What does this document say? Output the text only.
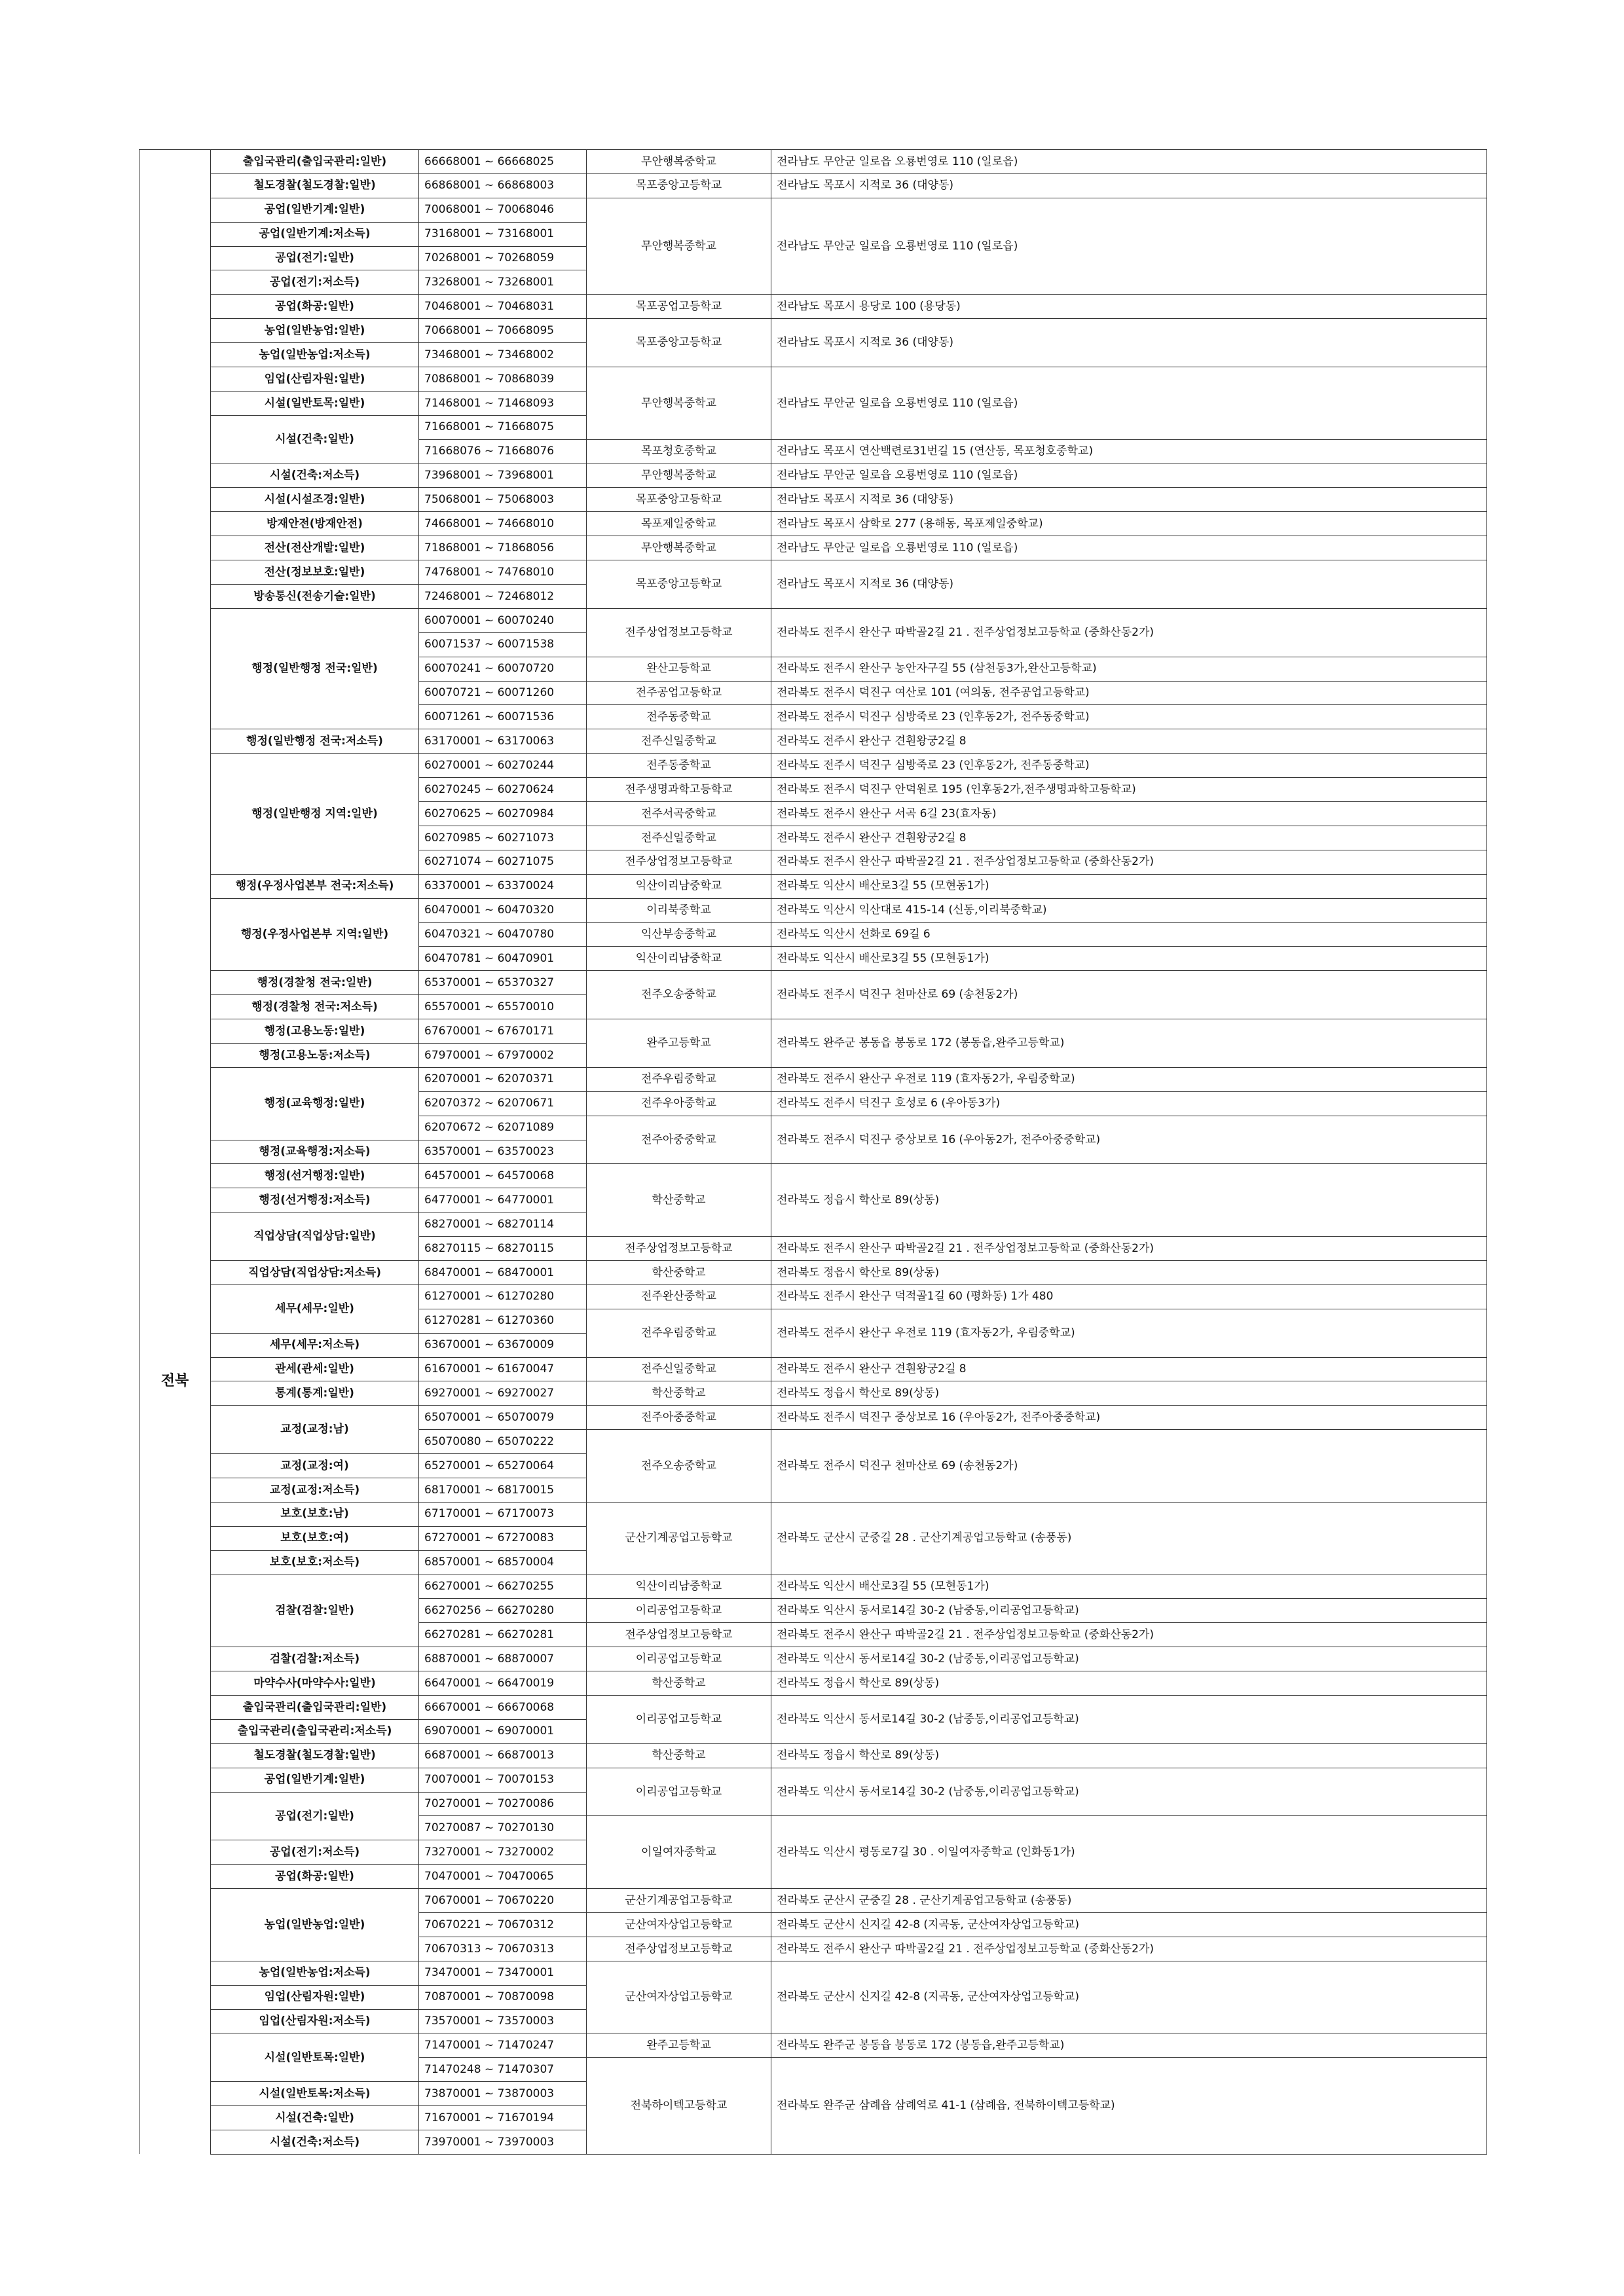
	출입국관리(출입국관리:일반)	66668001 ~ 66668025	무안행복중학교	전라남도 무안군 일로읍 오룡번영로 110 (일로읍)
	철도경찰(철도경찰:일반)	66868001 ~ 66868003	목포중앙고등학교	전라남도 목포시 지적로 36 (대양동)
	공업(일반기계:일반)	70068001 ~ 70068046	무안행복중학교	전라남도 무안군 일로읍 오룡번영로 110 (일로읍)
	공업(일반기계:저소득)	73168001 ~ 73168001		
	공업(전기:일반)	70268001 ~ 70268059		
	공업(전기:저소득)	73268001 ~ 73268001		
	공업(화공:일반)	70468001 ~ 70468031	목포공업고등학교	전라남도 목포시 용당로 100 (용당동)
	농업(일반농업:일반)	70668001 ~ 70668095	목포중앙고등학교	전라남도 목포시 지적로 36 (대양동)
	농업(일반농업:저소득)	73468001 ~ 73468002		
	임업(산림자원:일반)	70868001 ~ 70868039	무안행복중학교	전라남도 무안군 일로읍 오룡번영로 110 (일로읍)
	시설(일반토목:일반)	71468001 ~ 71468093		
	시설(건축:일반)	71668001 ~ 71668075		
		71668076 ~ 71668076	목포청호중학교	전라남도 목포시 연산백련로31번길 15 (연산동, 목포청호중학교)
	시설(건축:저소득)	73968001 ~ 73968001	무안행복중학교	전라남도 무안군 일로읍 오룡번영로 110 (일로읍)
	시설(시설조경:일반)	75068001 ~ 75068003	목포중앙고등학교	전라남도 목포시 지적로 36 (대양동)
	방재안전(방재안전)	74668001 ~ 74668010	목포제일중학교	전라남도 목포시 삼학로 277 (용해동, 목포제일중학교)
	전산(전산개발:일반)	71868001 ~ 71868056	무안행복중학교	전라남도 무안군 일로읍 오룡번영로 110 (일로읍)
	전산(정보보호:일반)	74768001 ~ 74768010	목포중앙고등학교	전라남도 목포시 지적로 36 (대양동)
	방송통신(전송기술:일반)	72468001 ~ 72468012		
전북	행정(일반행정 전국:일반)	60070001 ~ 60070240	전주상업정보고등학교	전라북도 전주시 완산구 따박골2길 21 . 전주상업정보고등학교 (중화산동2가)
		60071537 ~ 60071538		
		60070241 ~ 60070720	완산고등학교	전라북도 전주시 완산구 농안자구길 55 (삼천동3가,완산고등학교)
		60070721 ~ 60071260	전주공업고등학교	전라북도 전주시 덕진구 여산로 101 (여의동, 전주공업고등학교)
		60071261 ~ 60071536	전주동중학교	전라북도 전주시 덕진구 심방죽로 23 (인후동2가, 전주동중학교)
	행정(일반행정 전국:저소득)	63170001 ~ 63170063	전주신일중학교	전라북도 전주시 완산구 견훤왕궁2길 8
	행정(일반행정 지역:일반)	60270001 ~ 60270244	전주동중학교	전라북도 전주시 덕진구 심방죽로 23 (인후동2가, 전주동중학교)
		60270245 ~ 60270624	전주생명과학고등학교	전라북도 전주시 덕진구 안덕원로 195 (인후동2가,전주생명과학고등학교)
		60270625 ~ 60270984	전주서곡중학교	전라북도 전주시 완산구 서곡 6길 23(효자동)
		60270985 ~ 60271073	전주신일중학교	전라북도 전주시 완산구 견훤왕궁2길 8
		60271074 ~ 60271075	전주상업정보고등학교	전라북도 전주시 완산구 따박골2길 21 . 전주상업정보고등학교 (중화산동2가)
	행정(우정사업본부 전국:저소득)	63370001 ~ 63370024	익산이리남중학교	전라북도 익산시 배산로3길 55 (모현동1가)
	행정(우정사업본부 지역:일반)	60470001 ~ 60470320	이리북중학교	전라북도 익산시 익산대로 415-14 (신동,이리북중학교)
		60470321 ~ 60470780	익산부송중학교	전라북도 익산시 선화로 69길 6
		60470781 ~ 60470901	익산이리남중학교	전라북도 익산시 배산로3길 55 (모현동1가)
	행정(경찰청 전국:일반)	65370001 ~ 65370327	전주오송중학교	전라북도 전주시 덕진구 천마산로 69 (송천동2가)
	행정(경찰청 전국:저소득)	65570001 ~ 65570010		
	행정(고용노동:일반)	67670001 ~ 67670171	완주고등학교	전라북도 완주군 봉동읍 봉동로 172 (봉동읍,완주고등학교)
	행정(고용노동:저소득)	67970001 ~ 67970002		
	행정(교육행정:일반)	62070001 ~ 62070371	전주우림중학교	전라북도 전주시 완산구 우전로 119 (효자동2가, 우림중학교)
		62070372 ~ 62070671	전주우아중학교	전라북도 전주시 덕진구 호성로 6 (우아동3가)
		62070672 ~ 62071089	전주아중중학교	전라북도 전주시 덕진구 중상보로 16 (우아동2가, 전주아중중학교)
	행정(교육행정:저소득)	63570001 ~ 63570023		
	행정(선거행정:일반)	64570001 ~ 64570068	학산중학교	전라북도 정읍시 학산로 89(상동)
	행정(선거행정:저소득)	64770001 ~ 64770001		
	직업상담(직업상담:일반)	68270001 ~ 68270114		
		68270115 ~ 68270115	전주상업정보고등학교	전라북도 전주시 완산구 따박골2길 21 . 전주상업정보고등학교 (중화산동2가)
	직업상담(직업상담:저소득)	68470001 ~ 68470001	학산중학교	전라북도 정읍시 학산로 89(상동)
	세무(세무:일반)	61270001 ~ 61270280	전주완산중학교	전라북도 전주시 완산구 덕적골1길 60 (평화동) 1가 480
		61270281 ~ 61270360	전주우림중학교	전라북도 전주시 완산구 우전로 119 (효자동2가, 우림중학교)
	세무(세무:저소득)	63670001 ~ 63670009		
	관세(관세:일반)	61670001 ~ 61670047	전주신일중학교	전라북도 전주시 완산구 견훤왕궁2길 8
	통계(통계:일반)	69270001 ~ 69270027	학산중학교	전라북도 정읍시 학산로 89(상동)
	교정(교정:남)	65070001 ~ 65070079	전주아중중학교	전라북도 전주시 덕진구 중상보로 16 (우아동2가, 전주아중중학교)
		65070080 ~ 65070222	전주오송중학교	전라북도 전주시 덕진구 천마산로 69 (송천동2가)
	교정(교정:여)	65270001 ~ 65270064		
	교정(교정:저소득)	68170001 ~ 68170015		
	보호(보호:남)	67170001 ~ 67170073	군산기계공업고등학교	전라북도 군산시 군중길 28 . 군산기계공업고등학교 (송풍동)
	보호(보호:여)	67270001 ~ 67270083		
	보호(보호:저소득)	68570001 ~ 68570004		
	검찰(검찰:일반)	66270001 ~ 66270255	익산이리남중학교	전라북도 익산시 배산로3길 55 (모현동1가)
		66270256 ~ 66270280	이리공업고등학교	전라북도 익산시 동서로14길 30-2 (남중동,이리공업고등학교)
		66270281 ~ 66270281	전주상업정보고등학교	전라북도 전주시 완산구 따박골2길 21 . 전주상업정보고등학교 (중화산동2가)
	검찰(검찰:저소득)	68870001 ~ 68870007	이리공업고등학교	전라북도 익산시 동서로14길 30-2 (남중동,이리공업고등학교)
	마약수사(마약수사:일반)	66470001 ~ 66470019	학산중학교	전라북도 정읍시 학산로 89(상동)
	출입국관리(출입국관리:일반)	66670001 ~ 66670068	이리공업고등학교	전라북도 익산시 동서로14길 30-2 (남중동,이리공업고등학교)
	출입국관리(출입국관리:저소득)	69070001 ~ 69070001		
	철도경찰(철도경찰:일반)	66870001 ~ 66870013	학산중학교	전라북도 정읍시 학산로 89(상동)
	공업(일반기계:일반)	70070001 ~ 70070153	이리공업고등학교	전라북도 익산시 동서로14길 30-2 (남중동,이리공업고등학교)
	공업(전기:일반)	70270001 ~ 70270086		
		70270087 ~ 70270130	이일여자중학교	전라북도 익산시 평동로7길 30 . 이일여자중학교 (인화동1가)
	공업(전기:저소득)	73270001 ~ 73270002		
	공업(화공:일반)	70470001 ~ 70470065		
	농업(일반농업:일반)	70670001 ~ 70670220	군산기계공업고등학교	전라북도 군산시 군중길 28 . 군산기계공업고등학교 (송풍동)
		70670221 ~ 70670312	군산여자상업고등학교	전라북도 군산시 신지길 42-8 (지곡동, 군산여자상업고등학교)
		70670313 ~ 70670313	전주상업정보고등학교	전라북도 전주시 완산구 따박골2길 21 . 전주상업정보고등학교 (중화산동2가)
	농업(일반농업:저소득)	73470001 ~ 73470001	군산여자상업고등학교	전라북도 군산시 신지길 42-8 (지곡동, 군산여자상업고등학교)
	임업(산림자원:일반)	70870001 ~ 70870098		
	임업(산림자원:저소득)	73570001 ~ 73570003		
	시설(일반토목:일반)	71470001 ~ 71470247	완주고등학교	전라북도 완주군 봉동읍 봉동로 172 (봉동읍,완주고등학교)
		71470248 ~ 71470307	전북하이텍고등학교	전라북도 완주군 삼례읍 삼례역로 41-1 (삼례읍, 전북하이텍고등학교)
	시설(일반토목:저소득)	73870001 ~ 73870003		
	시설(건축:일반)	71670001 ~ 71670194		
	시설(건축:저소득)	73970001 ~ 73970003		
